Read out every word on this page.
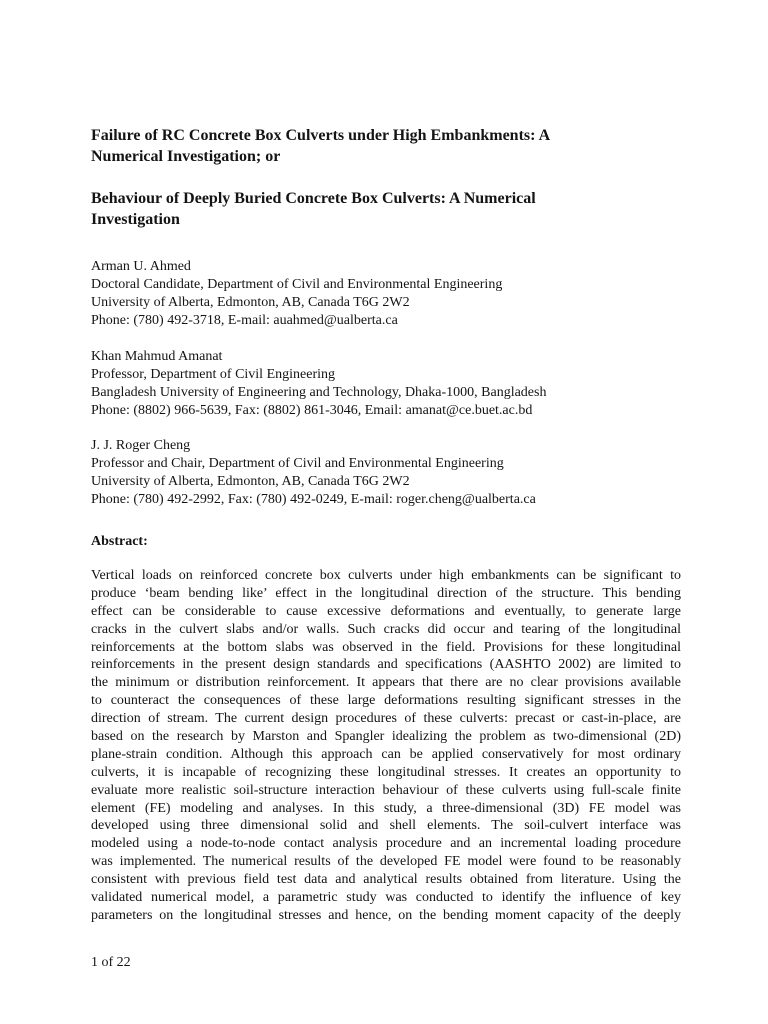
Failure of RC Concrete Box Culverts under High Embankments: A
Numerical Investigation; or
Behaviour of Deeply Buried Concrete Box Culverts: A Numerical
Investigation
Arman U. Ahmed
Doctoral Candidate, Department of Civil and Environmental Engineering
University of Alberta, Edmonton, AB, Canada T6G 2W2
Phone: (780) 492-3718, E-mail: auahmed@ualberta.ca
Khan Mahmud Amanat
Professor, Department of Civil Engineering
Bangladesh University of Engineering and Technology, Dhaka-1000, Bangladesh
Phone: (8802) 966-5639, Fax: (8802) 861-3046, Email: amanat@ce.buet.ac.bd
J. J. Roger Cheng
Professor and Chair, Department of Civil and Environmental Engineering
University of Alberta, Edmonton, AB, Canada T6G 2W2
Phone: (780) 492-2992, Fax: (780) 492-0249, E-mail: roger.cheng@ualberta.ca
Abstract:
Vertical loads on reinforced concrete box culverts under high embankments can be significant to
produce ‘beam bending like’ effect in the longitudinal direction of the structure. This bending
effect can be considerable to cause excessive deformations and eventually, to generate large
cracks in the culvert slabs and/or walls. Such cracks did occur and tearing of the longitudinal
reinforcements at the bottom slabs was observed in the field. Provisions for these longitudinal
reinforcements in the present design standards and specifications (AASHTO 2002) are limited to
the minimum or distribution reinforcement. It appears that there are no clear provisions available
to counteract the consequences of these large deformations resulting significant stresses in the
direction of stream. The current design procedures of these culverts: precast or cast-in-place, are
based on the research by Marston and Spangler idealizing the problem as two-dimensional (2D)
plane-strain condition. Although this approach can be applied conservatively for most ordinary
culverts, it is incapable of recognizing these longitudinal stresses. It creates an opportunity to
evaluate more realistic soil-structure interaction behaviour of these culverts using full-scale finite
element (FE) modeling and analyses. In this study, a three-dimensional (3D) FE model was
developed using three dimensional solid and shell elements. The soil-culvert interface was
modeled using a node-to-node contact analysis procedure and an incremental loading procedure
was implemented. The numerical results of the developed FE model were found to be reasonably
consistent with previous field test data and analytical results obtained from literature. Using the
validated numerical model, a parametric study was conducted to identify the influence of key
parameters on the longitudinal stresses and hence, on the bending moment capacity of the deeply
1 of 22
